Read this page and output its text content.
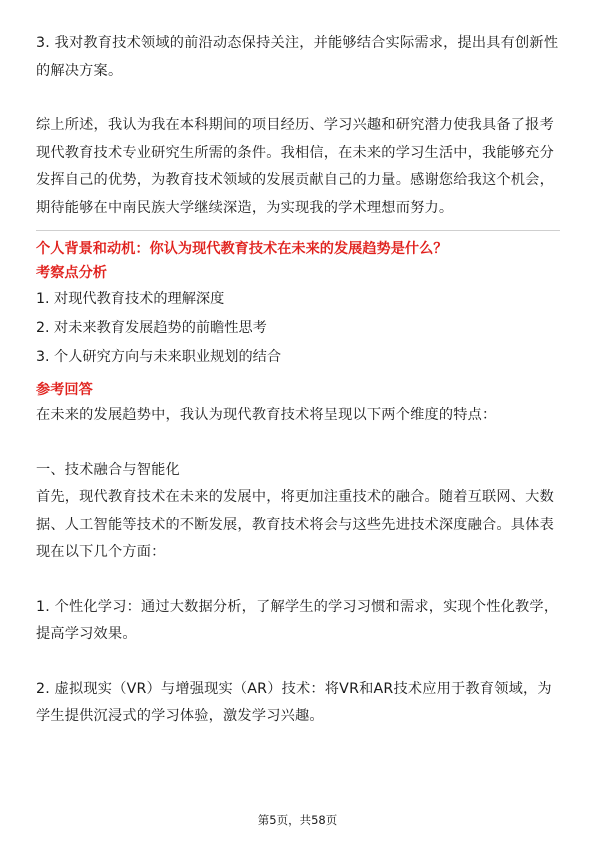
3. 我对教育技术领域的前沿动态保持关注，并能够结合实际需求，提出具有创新性的解决方案。

综上所述，我认为我在本科期间的项目经历、学习兴趣和研究潜力使我具备了报考现代教育技术专业研究生所需的条件。我相信，在未来的学习生活中，我能够充分发挥自己的优势，为教育技术领域的发展贡献自己的力量。感谢您给我这个机会，期待能够在中南民族大学继续深造，为实现我的学术理想而努力。

个人背景和动机：你认为现代教育技术在未来的发展趋势是什么？

考察点分析

1. 对现代教育技术的理解深度

2. 对未来教育发展趋势的前瞻性思考

3. 个人研究方向与未来职业规划的结合

参考回答

在未来的发展趋势中，我认为现代教育技术将呈现以下两个维度的特点：

一、技术融合与智能化

首先，现代教育技术在未来的发展中，将更加注重技术的融合。随着互联网、大数据、人工智能等技术的不断发展，教育技术将会与这些先进技术深度融合。具体表现在以下几个方面：

1. 个性化学习：通过大数据分析，了解学生的学习习惯和需求，实现个性化教学，提高学习效果。

2. 虚拟现实（VR）与增强现实（AR）技术：将VR和AR技术应用于教育领域，为学生提供沉浸式的学习体验，激发学习兴趣。

第5页，共58页
